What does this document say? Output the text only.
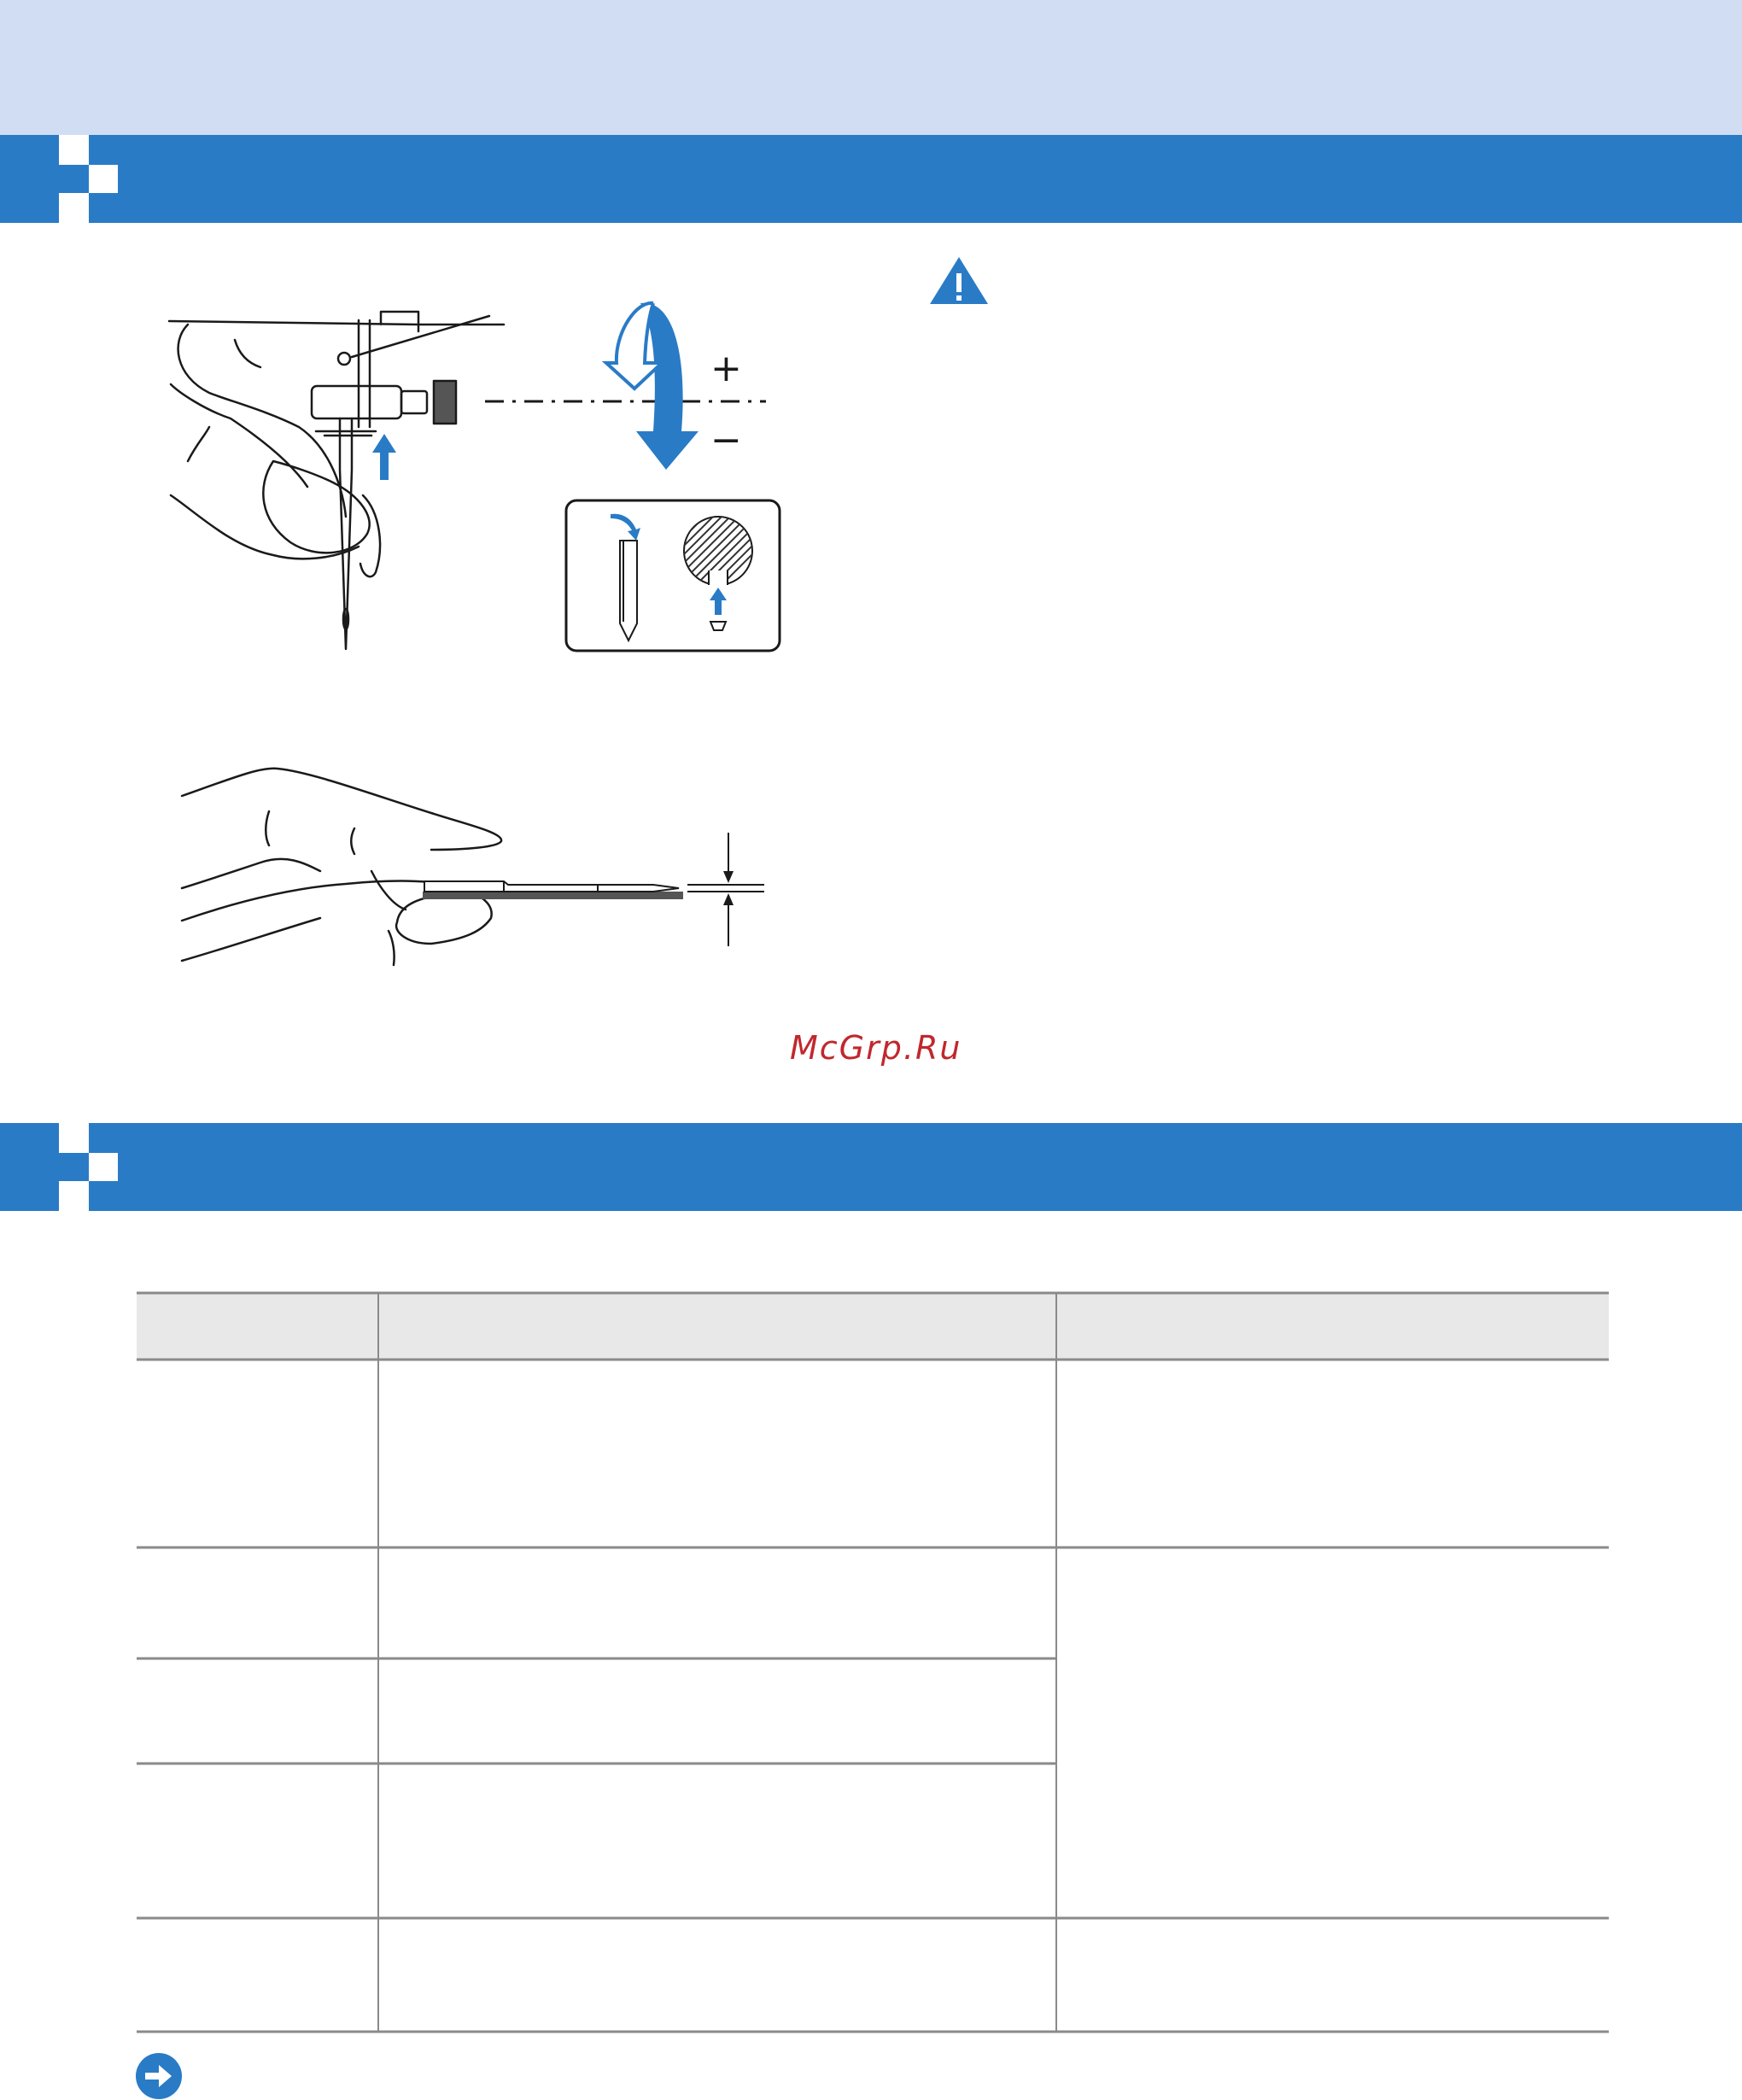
+
−
McGrp.Ru
